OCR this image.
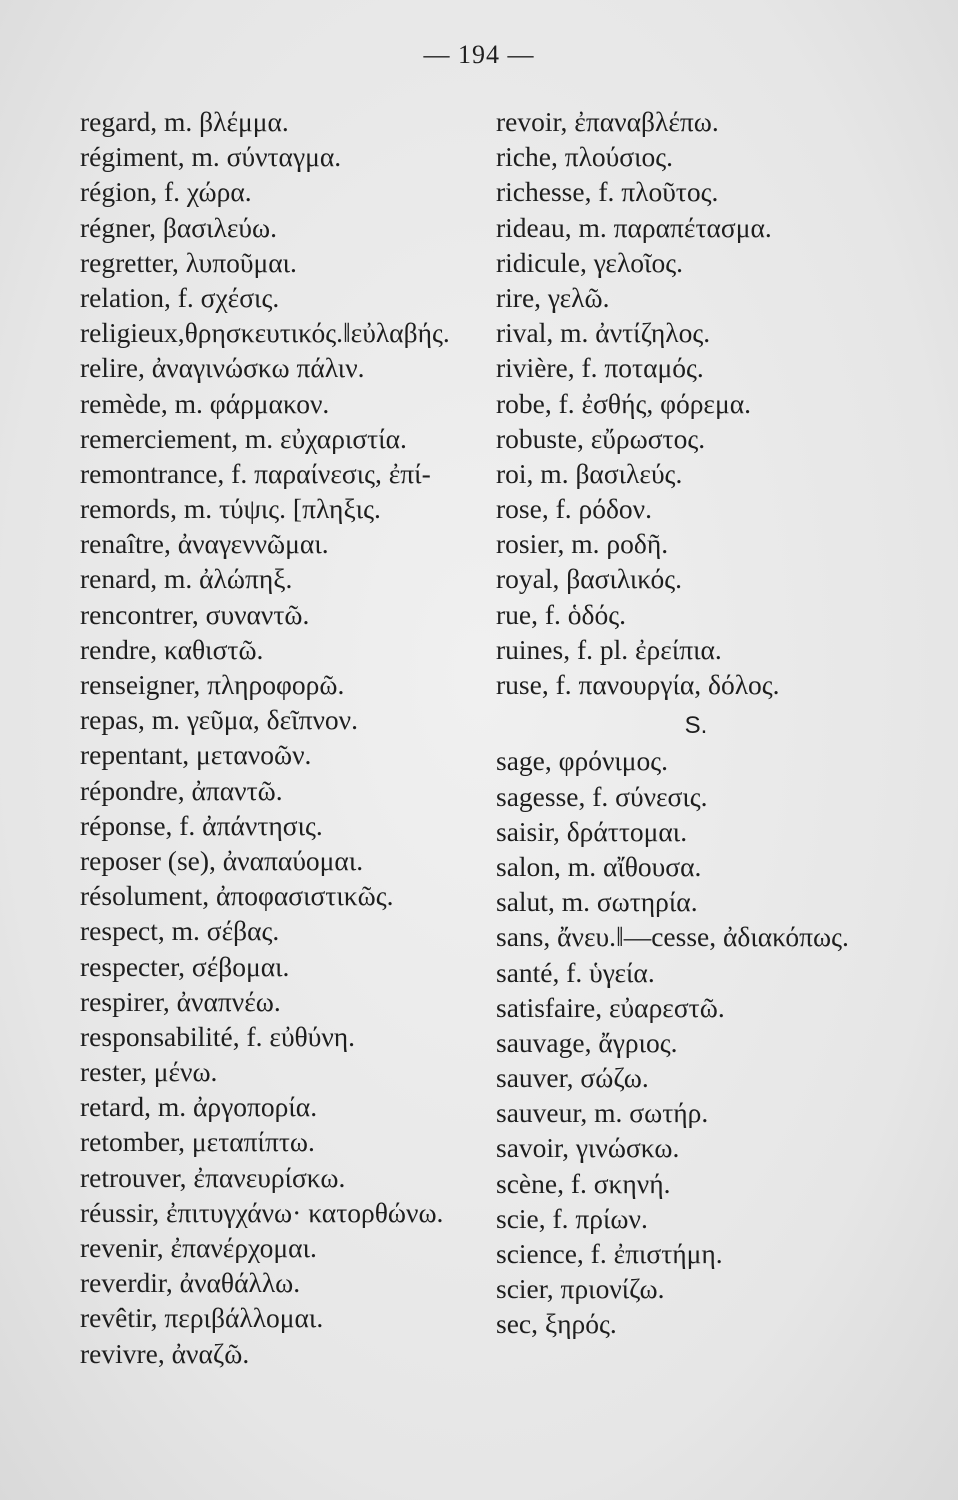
— 194 —
regard, m. βλέμμα.
régiment, m. σύνταγμα.
région, f. χώρα.
régner, βασιλεύω.
regretter, λυποῦμαι.
relation, f. σχέσις.
religieux,θρησκευτικός.‖εὐλαβής.
relire, ἀναγινώσκω πάλιν.
remède, m. φάρμακον.
remerciement, m. εὐχαριστία.
remontrance, f. παραίνεσις, ἐπί-
remords, m. τύψις. [πληξις.
renaître, ἀναγεννῶμαι.
renard, m. ἀλώπηξ.
rencontrer, συναντῶ.
rendre, καθιστῶ.
renseigner, πληροφορῶ.
repas, m. γεῦμα, δεῖπνον.
repentant, μετανοῶν.
répondre, ἀπαντῶ.
réponse, f. ἀπάντησις.
reposer (se), ἀναπαύομαι.
résolument, ἀποφασιστικῶς.
respect, m. σέβας.
respecter, σέβομαι.
respirer, ἀναπνέω.
responsabilité, f. εὐθύνη.
rester, μένω.
retard, m. ἀργοπορία.
retomber, μεταπίπτω.
retrouver, ἐπανευρίσκω.
réussir, ἐπιτυγχάνω· κατορθώνω.
revenir, ἐπανέρχομαι.
reverdir, ἀναθάλλω.
revêtir, περιβάλλομαι.
revivre, ἀναζῶ.
revoir, ἐπαναβλέπω.
riche, πλούσιος.
richesse, f. πλοῦτος.
rideau, m. παραπέτασμα.
ridicule, γελοῖος.
rire, γελῶ.
rival, m. ἀντίζηλος.
rivière, f. ποταμός.
robe, f. ἐσθής, φόρεμα.
robuste, εὔρωστος.
roi, m. βασιλεύς.
rose, f. ρόδον.
rosier, m. ροδῆ.
royal, βασιλικός.
rue, f. ὁδός.
ruines, f. pl. ἐρείπια.
ruse, f. πανουργία, δόλος.
S.
sage, φρόνιμος.
sagesse, f. σύνεσις.
saisir, δράττομαι.
salon, m. αἴθουσα.
salut, m. σωτηρία.
sans, ἄνευ.‖—cesse, ἀδιακόπως.
santé, f. ὑγεία.
satisfaire, εὐαρεστῶ.
sauvage, ἄγριος.
sauver, σώζω.
sauveur, m. σωτήρ.
savoir, γινώσκω.
scène, f. σκηνή.
scie, f. πρίων.
science, f. ἐπιστήμη.
scier, πριονίζω.
sec, ξηρός.
